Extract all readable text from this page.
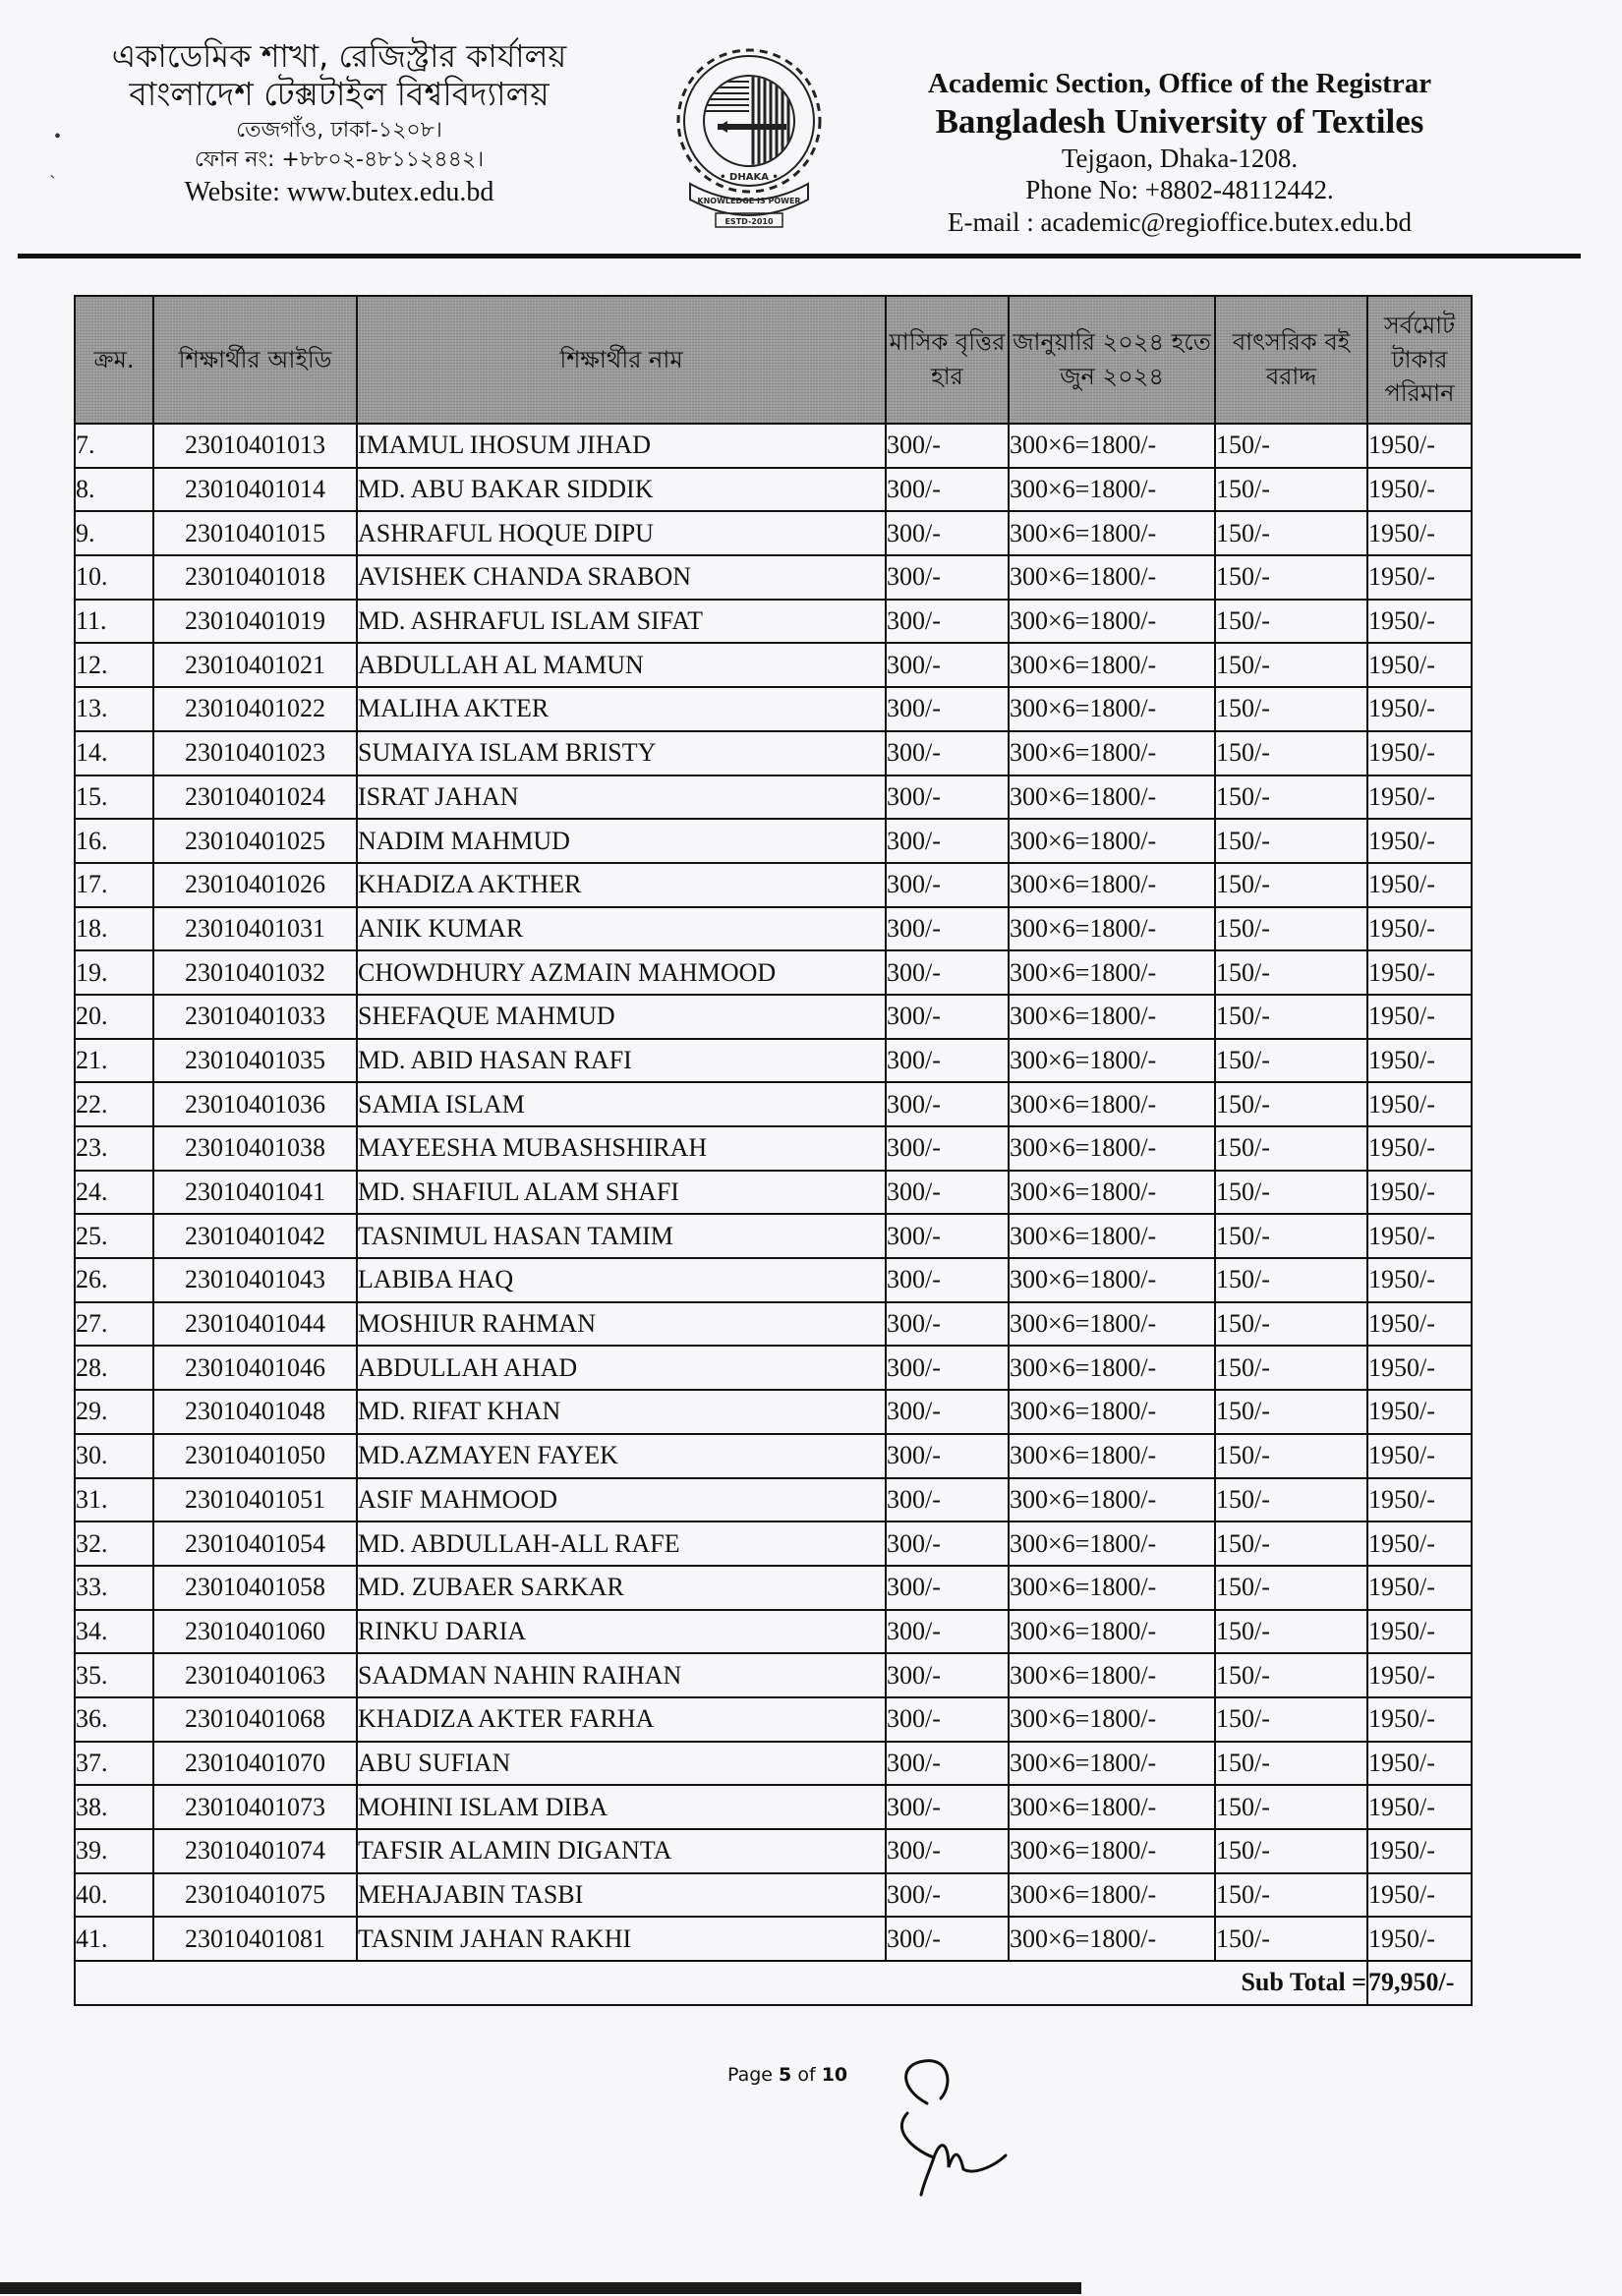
একাডেমিক শাখা, রেজিস্ট্রার কার্যালয়
বাংলাদেশ টেক্সটাইল বিশ্ববিদ্যালয়
তেজগাঁও, ঢাকা-১২০৮।
ফোন নং: +৮৮০২-৪৮১১২৪৪২।
Website: www.butex.edu.bd	• DHAKA •
KNOWLEDGE IS POWER
ESTD-2010
Academic Section, Office of the Registrar
Bangladesh University of Textiles
Tejgaon, Dhaka-1208.
Phone No: +8802-48112442.
E-mail : academic@regioffice.butex.edu.bd
ক্রম.	শিক্ষার্থীর আইডি	শিক্ষার্থীর নাম	মাসিক বৃত্তির হার	জানুয়ারি ২০২৪ হতে জুন ২০২৪	বাৎসরিক বই বরাদ্দ	সর্বমোট টাকার পরিমান
7.	23010401013	IMAMUL IHOSUM JIHAD	300/-	300×6=1800/-	150/-	1950/-
8.	23010401014	MD. ABU BAKAR SIDDIK	300/-	300×6=1800/-	150/-	1950/-
9.	23010401015	ASHRAFUL HOQUE DIPU	300/-	300×6=1800/-	150/-	1950/-
10.	23010401018	AVISHEK CHANDA SRABON	300/-	300×6=1800/-	150/-	1950/-
11.	23010401019	MD. ASHRAFUL ISLAM SIFAT	300/-	300×6=1800/-	150/-	1950/-
12.	23010401021	ABDULLAH AL MAMUN	300/-	300×6=1800/-	150/-	1950/-
13.	23010401022	MALIHA AKTER	300/-	300×6=1800/-	150/-	1950/-
14.	23010401023	SUMAIYA ISLAM BRISTY	300/-	300×6=1800/-	150/-	1950/-
15.	23010401024	ISRAT JAHAN	300/-	300×6=1800/-	150/-	1950/-
16.	23010401025	NADIM MAHMUD	300/-	300×6=1800/-	150/-	1950/-
17.	23010401026	KHADIZA AKTHER	300/-	300×6=1800/-	150/-	1950/-
18.	23010401031	ANIK KUMAR	300/-	300×6=1800/-	150/-	1950/-
19.	23010401032	CHOWDHURY AZMAIN MAHMOOD	300/-	300×6=1800/-	150/-	1950/-
20.	23010401033	SHEFAQUE MAHMUD	300/-	300×6=1800/-	150/-	1950/-
21.	23010401035	MD. ABID HASAN RAFI	300/-	300×6=1800/-	150/-	1950/-
22.	23010401036	SAMIA ISLAM	300/-	300×6=1800/-	150/-	1950/-
23.	23010401038	MAYEESHA MUBASHSHIRAH	300/-	300×6=1800/-	150/-	1950/-
24.	23010401041	MD. SHAFIUL ALAM SHAFI	300/-	300×6=1800/-	150/-	1950/-
25.	23010401042	TASNIMUL HASAN TAMIM	300/-	300×6=1800/-	150/-	1950/-
26.	23010401043	LABIBA HAQ	300/-	300×6=1800/-	150/-	1950/-
27.	23010401044	MOSHIUR RAHMAN	300/-	300×6=1800/-	150/-	1950/-
28.	23010401046	ABDULLAH AHAD	300/-	300×6=1800/-	150/-	1950/-
29.	23010401048	MD. RIFAT KHAN	300/-	300×6=1800/-	150/-	1950/-
30.	23010401050	MD.AZMAYEN FAYEK	300/-	300×6=1800/-	150/-	1950/-
31.	23010401051	ASIF MAHMOOD	300/-	300×6=1800/-	150/-	1950/-
32.	23010401054	MD. ABDULLAH-ALL RAFE	300/-	300×6=1800/-	150/-	1950/-
33.	23010401058	MD. ZUBAER SARKAR	300/-	300×6=1800/-	150/-	1950/-
34.	23010401060	RINKU DARIA	300/-	300×6=1800/-	150/-	1950/-
35.	23010401063	SAADMAN NAHIN RAIHAN	300/-	300×6=1800/-	150/-	1950/-
36.	23010401068	KHADIZA AKTER FARHA	300/-	300×6=1800/-	150/-	1950/-
37.	23010401070	ABU SUFIAN	300/-	300×6=1800/-	150/-	1950/-
38.	23010401073	MOHINI ISLAM DIBA	300/-	300×6=1800/-	150/-	1950/-
39.	23010401074	TAFSIR ALAMIN DIGANTA	300/-	300×6=1800/-	150/-	1950/-
40.	23010401075	MEHAJABIN TASBI	300/-	300×6=1800/-	150/-	1950/-
41.	23010401081	TASNIM JAHAN RAKHI	300/-	300×6=1800/-	150/-	1950/-
Sub Total =						79,950/-
Page 5 of 10
•
ˎ
